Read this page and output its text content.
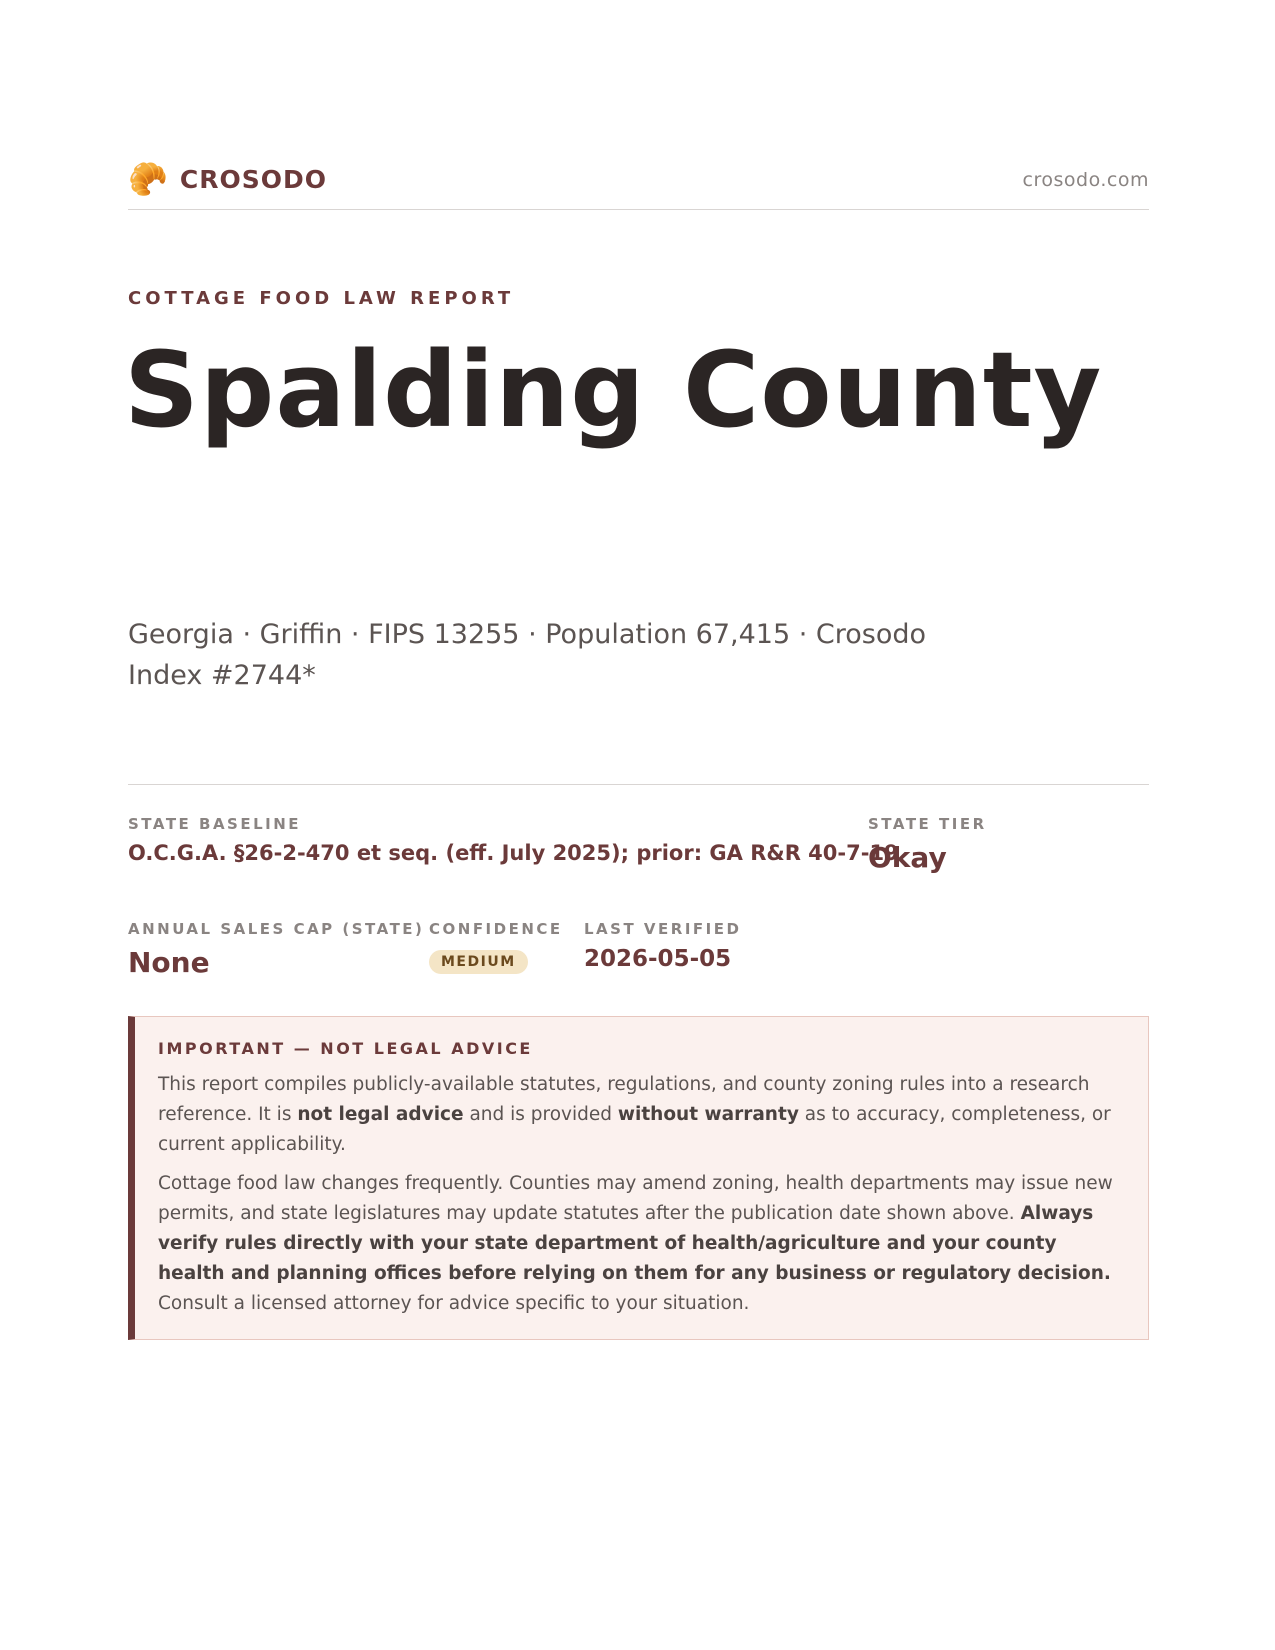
🥐 CROSODO	crosodo.com
COTTAGE FOOD LAW REPORT
Spalding County
Georgia · Griffin · FIPS 13255 · Population 67,415 · Crosodo Index #2744*
STATE BASELINE
O.C.G.A. §26-2-470 et seq. (eff. July 2025); prior: GA R&R 40-7-19
STATE TIER
Okay
ANNUAL SALES CAP (STATE)
None
CONFIDENCE
MEDIUM
LAST VERIFIED
2026-05-05
IMPORTANT — NOT LEGAL ADVICE

This report compiles publicly-available statutes, regulations, and county zoning rules into a research reference. It is not legal advice and is provided without warranty as to accuracy, completeness, or current applicability.

Cottage food law changes frequently. Counties may amend zoning, health departments may issue new permits, and state legislatures may update statutes after the publication date shown above. Always verify rules directly with your state department of health/agriculture and your county health and planning offices before relying on them for any business or regulatory decision. Consult a licensed attorney for advice specific to your situation.
